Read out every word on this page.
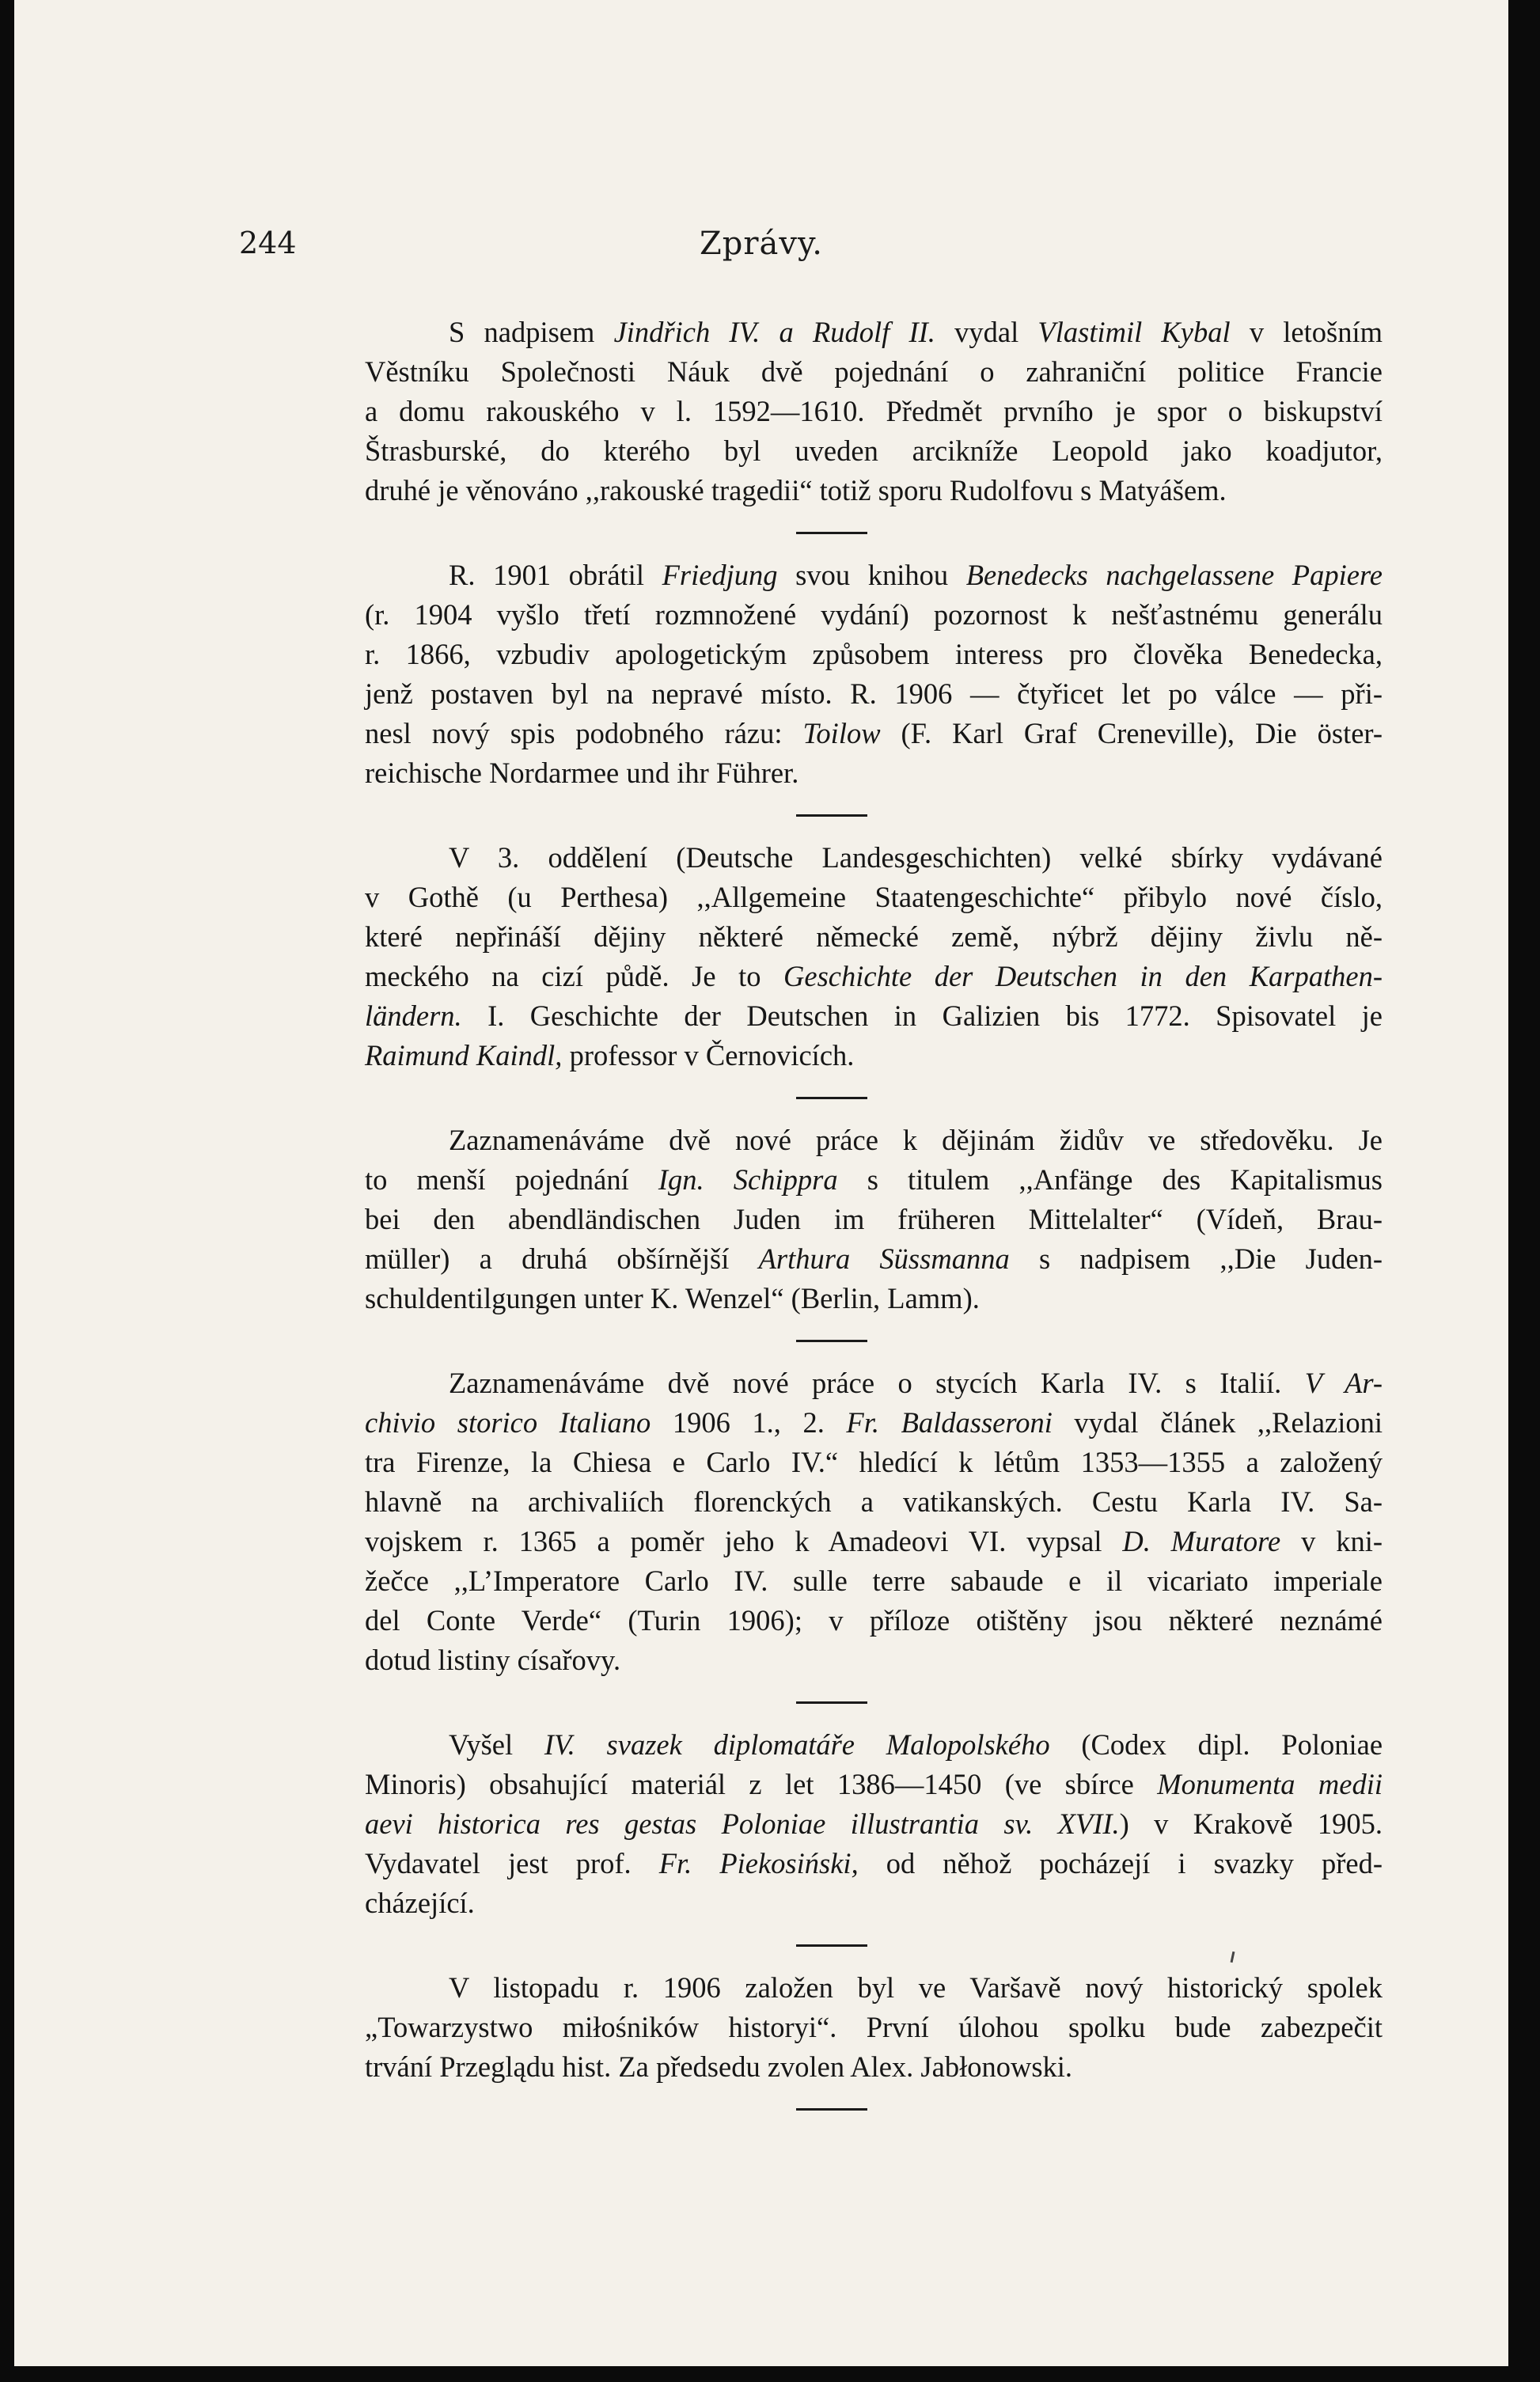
244	Zprávy.
S nadpisem Jindřich IV. a Rudolf II. vydal Vlastimil Kybal v letošním
Věstníku Společnosti Náuk dvě pojednání o zahraniční politice Francie
a domu rakouského v l. 1592—1610. Předmět prvního je spor o biskupství
Štrasburské, do kterého byl uveden arcikníže Leopold jako koadjutor,
druhé je věnováno ,,rakouské tragedii“ totiž sporu Rudolfovu s Matyášem.
R. 1901 obrátil Friedjung svou knihou Benedecks nachgelassene Papiere
(r. 1904 vyšlo třetí rozmnožené vydání) pozornost k nešťastnému generálu
r. 1866, vzbudiv apologetickým způsobem interess pro člověka Benedecka,
jenž postaven byl na nepravé místo. R. 1906 — čtyřicet let po válce — při-
nesl nový spis podobného rázu: Toilow (F. Karl Graf Creneville), Die öster-
reichische Nordarmee und ihr Führer.
V 3. oddělení (Deutsche Landesgeschichten) velké sbírky vydávané
v Gothě (u Perthesa) ,,Allgemeine Staatengeschichte“ přibylo nové číslo,
které nepřináší dějiny některé německé země, nýbrž dějiny živlu ně-
meckého na cizí půdě. Je to Geschichte der Deutschen in den Karpathen-
ländern. I. Geschichte der Deutschen in Galizien bis 1772. Spisovatel je
Raimund Kaindl, professor v Černovicích.
Zaznamenáváme dvě nové práce k dějinám židův ve středověku. Je
to menší pojednání Ign. Schippra s titulem ,,Anfänge des Kapitalismus
bei den abendländischen Juden im früheren Mittelalter“ (Vídeň, Brau-
müller) a druhá obšírnější Arthura Süssmanna s nadpisem ,,Die Juden-
schuldentilgungen unter K. Wenzel“ (Berlin, Lamm).
Zaznamenáváme dvě nové práce o stycích Karla IV. s Italií. V Ar-
chivio storico Italiano 1906 1., 2. Fr. Baldasseroni vydal článek ,,Relazioni
tra Firenze, la Chiesa e Carlo IV.“ hledící k létům 1353—1355 a založený
hlavně na archivaliích florenckých a vatikanských. Cestu Karla IV. Sa-
vojskem r. 1365 a poměr jeho k Amadeovi VI. vypsal D. Muratore v kni-
žečce ,,L’Imperatore Carlo IV. sulle terre sabaude e il vicariato imperiale
del Conte Verde“ (Turin 1906); v příloze otištěny jsou některé neznámé
dotud listiny císařovy.
Vyšel IV. svazek diplomatáře Malopolského (Codex dipl. Poloniae
Minoris) obsahující materiál z let 1386—1450 (ve sbírce Monumenta medii
aevi historica res gestas Poloniae illustrantia sv. XVII.) v Krakově 1905.
Vydavatel jest prof. Fr. Piekosiński, od něhož pocházejí i svazky před-
cházející.
V listopadu r. 1906 založen byl ve Varšavě nový historický spolek
„Towarzystwo miłośników historyi“. První úlohou spolku bude zabezpečit
trvání Przeglądu hist. Za předsedu zvolen Alex. Jabłonowski.
